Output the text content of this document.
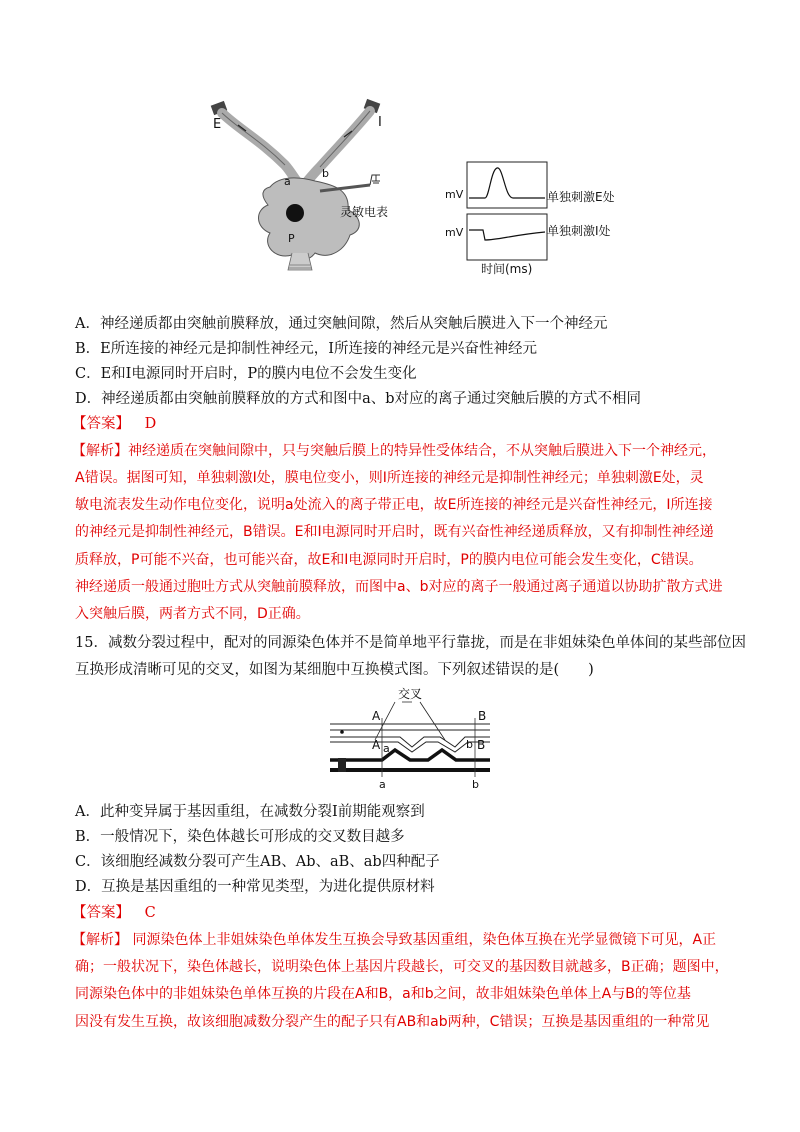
E	I
a
b
P
灵敏电表
mV
mV
单独刺激E处
单独刺激I处
时间(ms)
A．神经递质都由突触前膜释放，通过突触间隙，然后从突触后膜进入下一个神经元
B．E所连接的神经元是抑制性神经元，I所连接的神经元是兴奋性神经元
C．E和I电源同时开启时，P的膜内电位不会发生变化
D．神经递质都由突触前膜释放的方式和图中a、b对应的离子通过突触后膜的方式不相同
【答案】 D
【解析】神经递质在突触间隙中，只与突触后膜上的特异性受体结合，不从突触后膜进入下一个神经元，
A错误。据图可知，单独刺激I处，膜电位变小，则I所连接的神经元是抑制性神经元；单独刺激E处，灵
敏电流表发生动作电位变化，说明a处流入的离子带正电，故E所连接的神经元是兴奋性神经元，I所连接
的神经元是抑制性神经元，B错误。E和I电源同时开启时，既有兴奋性神经递质释放，又有抑制性神经递
质释放，P可能不兴奋，也可能兴奋，故E和I电源同时开启时，P的膜内电位可能会发生变化，C错误。
神经递质一般通过胞吐方式从突触前膜释放，而图中a、b对应的离子一般通过离子通道以协助扩散方式进
入突触后膜，两者方式不同，D正确。
15．减数分裂过程中，配对的同源染色体并不是简单地平行靠拢，而是在非姐妹染色单体间的某些部位因
互换形成清晰可见的交叉，如图为某细胞中互换模式图。下列叙述错误的是(　　)
交叉
A	B
A a	b B
a	b
A．此种变异属于基因重组，在减数分裂Ⅰ前期能观察到
B．一般情况下，染色体越长可形成的交叉数目越多
C．该细胞经减数分裂可产生AB、Ab、aB、ab四种配子
D．互换是基因重组的一种常见类型，为进化提供原材料
【答案】 C
【解析】 同源染色体上非姐妹染色单体发生互换会导致基因重组，染色体互换在光学显微镜下可见，A正
确；一般状况下，染色体越长，说明染色体上基因片段越长，可交叉的基因数目就越多，B正确；题图中，
同源染色体中的非姐妹染色单体互换的片段在A和B，a和b之间，故非姐妹染色单体上A与B的等位基
因没有发生互换，故该细胞减数分裂产生的配子只有AB和ab两种，C错误；互换是基因重组的一种常见
